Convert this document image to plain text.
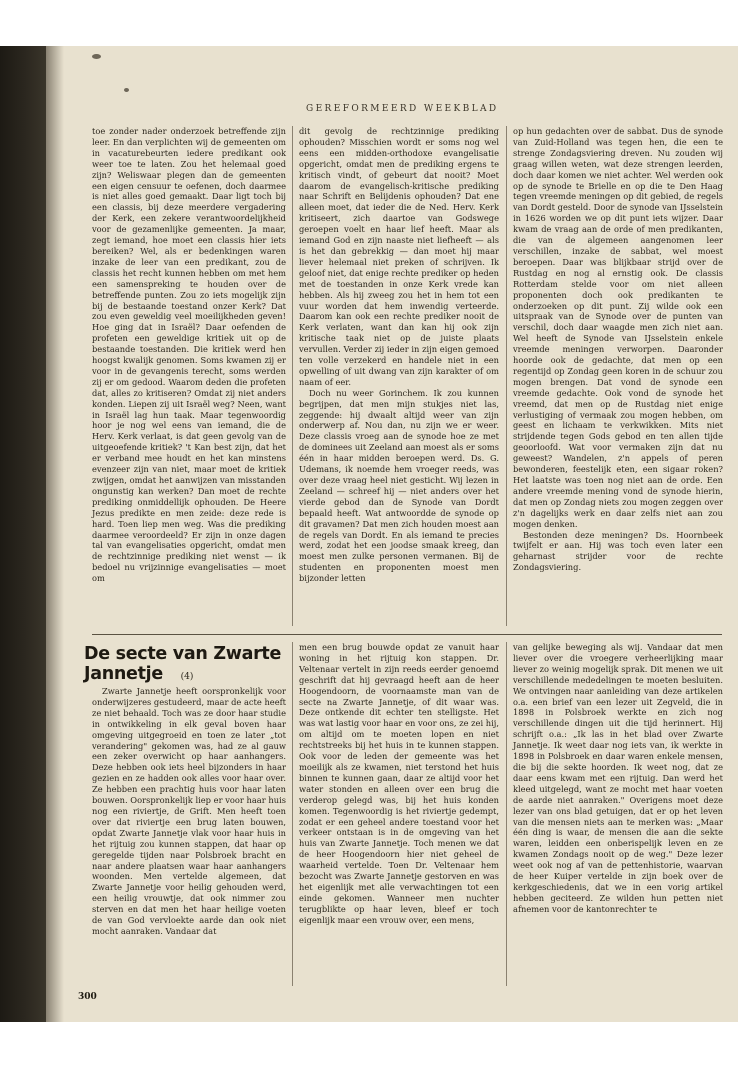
GEREFORMEERD WEEKBLAD

toe zonder nader onderzoek betreffende zijn leer. En dan verplichten wij de gemeenten om in vacaturebeurten iedere predikant ook weer toe te laten. Zou het helemaal goed zijn? Weliswaar plegen dan de gemeenten een eigen censuur te oefenen, doch daarmee is niet alles goed gemaakt. Daar ligt toch bij een classis, bij deze meerdere vergadering der Kerk, een zekere verantwoordelijkheid voor de gezamenlijke gemeenten. Ja maar, zegt iemand, hoe moet een classis hier iets bereiken? Wel, als er bedenkingen waren inzake de leer van een predikant, zou de classis het recht kunnen hebben om met hem een samenspreking te houden over de betreffende punten. Zou zo iets mogelijk zijn bij de bestaande toestand onzer Kerk? Dat zou even geweldig veel moeilijkheden geven! Hoe ging dat in Israël? Daar oefenden de profeten een geweldige kritiek uit op de bestaande toestanden. Die kritiek werd hen hoogst kwalijk genomen. Soms kwamen zij er voor in de gevangenis terecht, soms werden zij er om gedood. Waarom deden die profeten dat, alles zo kritiseren? Omdat zij niet anders konden. Liepen zij uit Israël weg? Neen, want in Israël lag hun taak. Maar tegenwoordig hoor je nog wel eens van iemand, die de Herv. Kerk verlaat, is dat geen gevolg van de uitgeoefende kritiek? 't Kan best zijn, dat het er verband mee houdt en het kan minstens evenzeer zijn van niet, maar moet de kritiek zwijgen, omdat het aanwijzen van misstanden ongunstig kan werken? Dan moet de rechte prediking onmiddellijk ophouden. De Heere Jezus predikte en men zeide: deze rede is hard. Toen liep men weg. Was die prediking daarmee veroordeeld? Er zijn in onze dagen tal van evangelisaties opgericht, omdat men de rechtzinnige prediking niet wenst — ik bedoel nu vrijzinnige evangelisaties — moet om

dit gevolg de rechtzinnige prediking ophouden? Misschien wordt er soms nog wel eens een midden-orthodoxe evangelisatie opgericht, omdat men de prediking ergens te kritisch vindt, of gebeurt dat nooit? Moet daarom de evangelisch-kritische prediking naar Schrift en Belijdenis ophouden? Dat ene alleen moet, dat ieder die de Ned. Herv. Kerk kritiseert, zich daartoe van Godswege geroepen voelt en haar lief heeft. Maar als iemand God en zijn naaste niet liefheeft — als is het dan gebrekkig — dan moet hij maar liever helemaal niet preken of schrijven. Ik geloof niet, dat enige rechte prediker op heden met de toestanden in onze Kerk vrede kan hebben. Als hij zweeg zou het in hem tot een vuur worden dat hem inwendig verteerde. Daarom kan ook een rechte prediker nooit de Kerk verlaten, want dan kan hij ook zijn kritische taak niet op de juiste plaats vervullen. Verder zij ieder in zijn eigen gemoed ten volle verzekerd en handele niet in een opwelling of uit dwang van zijn karakter of om naam of eer.

Doch nu weer Gorinchem. Ik zou kunnen begrijpen, dat men mijn stukjes niet las, zeggende: hij dwaalt altijd weer van zijn onderwerp af. Nou dan, nu zijn we er weer. Deze classis vroeg aan de synode hoe ze met de dominees uit Zeeland aan moest als er soms één in haar midden beroepen werd. Ds. G. Udemans, ik noemde hem vroeger reeds, was over deze vraag heel niet gesticht. Wij lezen in Zeeland — schreef hij — niet anders over het vierde gebod dan de Synode van Dordt bepaald heeft. Wat antwoordde de synode op dit gravamen? Dat men zich houden moest aan de regels van Dordt. En als iemand te precies werd, zodat het een joodse smaak kreeg, dan moest men zulke personen vermanen. Bij de studenten en proponenten moest men bijzonder letten

op hun gedachten over de sabbat. Dus de synode van Zuid-Holland was tegen hen, die een te strenge Zondagsviering dreven. Nu zouden wij graag willen weten, wat deze strengen leerden, doch daar komen we niet achter. Wel werden ook op de synode te Brielle en op die te Den Haag tegen vreemde meningen op dit gebied, de regels van Dordt gesteld. Door de synode van IJsselstein in 1626 worden we op dit punt iets wijzer. Daar kwam de vraag aan de orde of men predikanten, die van de algemeen aangenomen leer verschillen, inzake de sabbat, wel moest beroepen. Daar was blijkbaar strijd over de Rustdag en nog al ernstig ook. De classis Rotterdam stelde voor om niet alleen proponenten doch ook predikanten te onderzoeken op dit punt. Zij wilde ook een uitspraak van de Synode over de punten van verschil, doch daar waagde men zich niet aan. Wel heeft de Synode van IJsselstein enkele vreemde meningen verworpen. Daaronder hoorde ook de gedachte, dat men op een regentijd op Zondag geen koren in de schuur zou mogen brengen. Dat vond de synode een vreemde gedachte. Ook vond de synode het vreemd, dat men op de Rustdag niet enige verlustiging of vermaak zou mogen hebben, om geest en lichaam te verkwikken. Mits niet strijdende tegen Gods gebod en ten allen tijde geoorloofd. Wat voor vermaken zijn dat nu geweest? Wandelen, z'n appels of peren bewonderen, feestelijk eten, een sigaar roken? Het laatste was toen nog niet aan de orde. Een andere vreemde mening vond de synode hierin, dat men op Zondag niets zou mogen zeggen over z'n dagelijks werk en daar zelfs niet aan zou mogen denken.

Bestonden deze meningen? Ds. Hoornbeek twijfelt er aan. Hij was toch even later een geharnast strijder voor de rechte Zondagsviering.

De secte van Zwarte Jannetje	(4)

Zwarte Jannetje heeft oorspronkelijk voor onderwijzeres gestudeerd, maar de acte heeft ze niet behaald. Toch was ze door haar studie in ontwikkeling in elk geval boven haar omgeving uitgegroeid en toen ze later „tot verandering" gekomen was, had ze al gauw een zeker overwicht op haar aanhangers. Deze hebben ook iets heel bijzonders in haar gezien en ze hadden ook alles voor haar over. Ze hebben een prachtig huis voor haar laten bouwen. Oorspronkelijk liep er voor haar huis nog een riviertje, de Grift. Men heeft toen over dat riviertje een brug laten bouwen, opdat Zwarte Jannetje vlak voor haar huis in het rijtuig zou kunnen stappen, dat haar op geregelde tijden naar Polsbroek bracht en naar andere plaatsen waar haar aanhangers woonden. Men vertelde algemeen, dat Zwarte Jannetje voor heilig gehouden werd, een heilig vrouwtje, dat ook nimmer zou sterven en dat men het haar heilige voeten de van God vervloekte aarde dan ook niet mocht aanraken. Vandaar dat

men een brug bouwde opdat ze vanuit haar woning in het rijtuig kon stappen. Dr. Veltenaar vertelt in zijn reeds eerder genoemd geschrift dat hij gevraagd heeft aan de heer Hoogendoorn, de voornaamste man van de secte na Zwarte Jannetje, of dit waar was. Deze ontkende dit echter ten stelligste. Het was wat lastig voor haar en voor ons, ze zei hij, om altijd om te moeten lopen en niet rechtstreeks bij het huis in te kunnen stappen. Ook voor de leden der gemeente was het moeilijk als ze kwamen, niet terstond het huis binnen te kunnen gaan, daar ze altijd voor het water stonden en alleen over een brug die verderop gelegd was, bij het huis konden komen. Tegenwoordig is het riviertje gedempt, zodat er een geheel andere toestand voor het verkeer ontstaan is in de omgeving van het huis van Zwarte Jannetje. Toch menen we dat de heer Hoogendoorn hier niet geheel de waarheid vertelde. Toen Dr. Veltenaar hem bezocht was Zwarte Jannetje gestorven en was het eigenlijk met alle verwachtingen tot een einde gekomen. Wanneer men nuchter terugblikte op haar leven, bleef er toch eigenlijk maar een vrouw over, een mens,

van gelijke beweging als wij. Vandaar dat men liever over die vroegere verheerlijking maar liever zo weinig mogelijk sprak. Dit menen we uit verschillende mededelingen te moeten besluiten. We ontvingen naar aanleiding van deze artikelen o.a. een brief van een lezer uit Zegveld, die in 1898 in Polsbroek werkte en zich nog verschillende dingen uit die tijd herinnert. Hij schrijft o.a.: „Ik las in het blad over Zwarte Jannetje. Ik weet daar nog iets van, ik werkte in 1898 in Polsbroek en daar waren enkele mensen, die bij die sekte hoorden. Ik weet nog, dat ze daar eens kwam met een rijtuig. Dan werd het kleed uitgelegd, want ze mocht met haar voeten de aarde niet aanraken." Overigens moet deze lezer van ons blad getuigen, dat er op het leven van die mensen niets aan te merken was: „Maar één ding is waar, de mensen die aan die sekte waren, leidden een onberispelijk leven en ze kwamen Zondags nooit op de weg." Deze lezer weet ook nog af van de pettenhistorie, waarvan de heer Kuiper vertelde in zijn boek over de kerkgeschiedenis, dat we in een vorig artikel hebben geciteerd. Ze wilden hun petten niet afnemen voor de kantonrechter te

300
